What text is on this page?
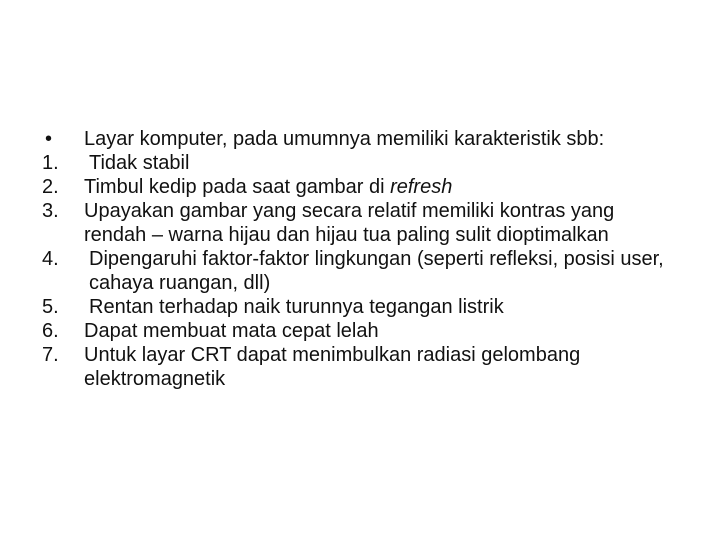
•	Layar komputer, pada umumnya memiliki karakteristik sbb:
1.	Tidak stabil
2.	Timbul kedip pada saat gambar di refresh
3.	Upayakan gambar yang secara relatif memiliki kontras yang rendah – warna hijau dan hijau tua paling sulit dioptimalkan
4.	Dipengaruhi faktor-faktor lingkungan (seperti refleksi, posisi user, cahaya ruangan, dll)
5.	Rentan terhadap naik turunnya tegangan listrik
6.	Dapat membuat mata cepat lelah
7.	Untuk layar CRT dapat menimbulkan radiasi gelombang elektromagnetik
